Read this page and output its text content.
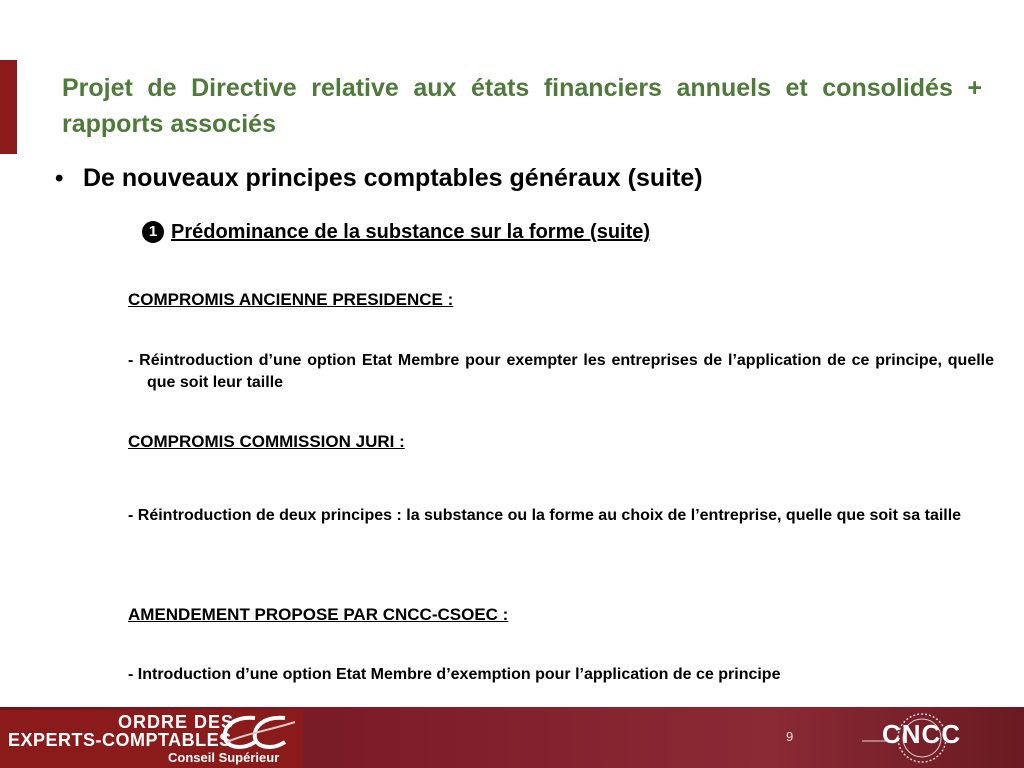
Projet de Directive relative aux états financiers annuels et consolidés + rapports associés
• De nouveaux principes comptables généraux (suite)
1 Prédominance de la substance sur la forme (suite)
COMPROMIS ANCIENNE PRESIDENCE :
- Réintroduction d’une option Etat Membre pour exempter les entreprises de l’application de ce principe, quelle que soit leur taille
COMPROMIS COMMISSION JURI :
- Réintroduction de deux principes : la substance ou la forme au choix de l’entreprise, quelle que soit sa taille
AMENDEMENT PROPOSE PAR CNCC-CSOEC :
- Introduction d’une option Etat Membre d’exemption pour l’application de ce principe
ORDRE DES
EXPERTS-COMPTABLES
Conseil Supérieur
9	CNCC
